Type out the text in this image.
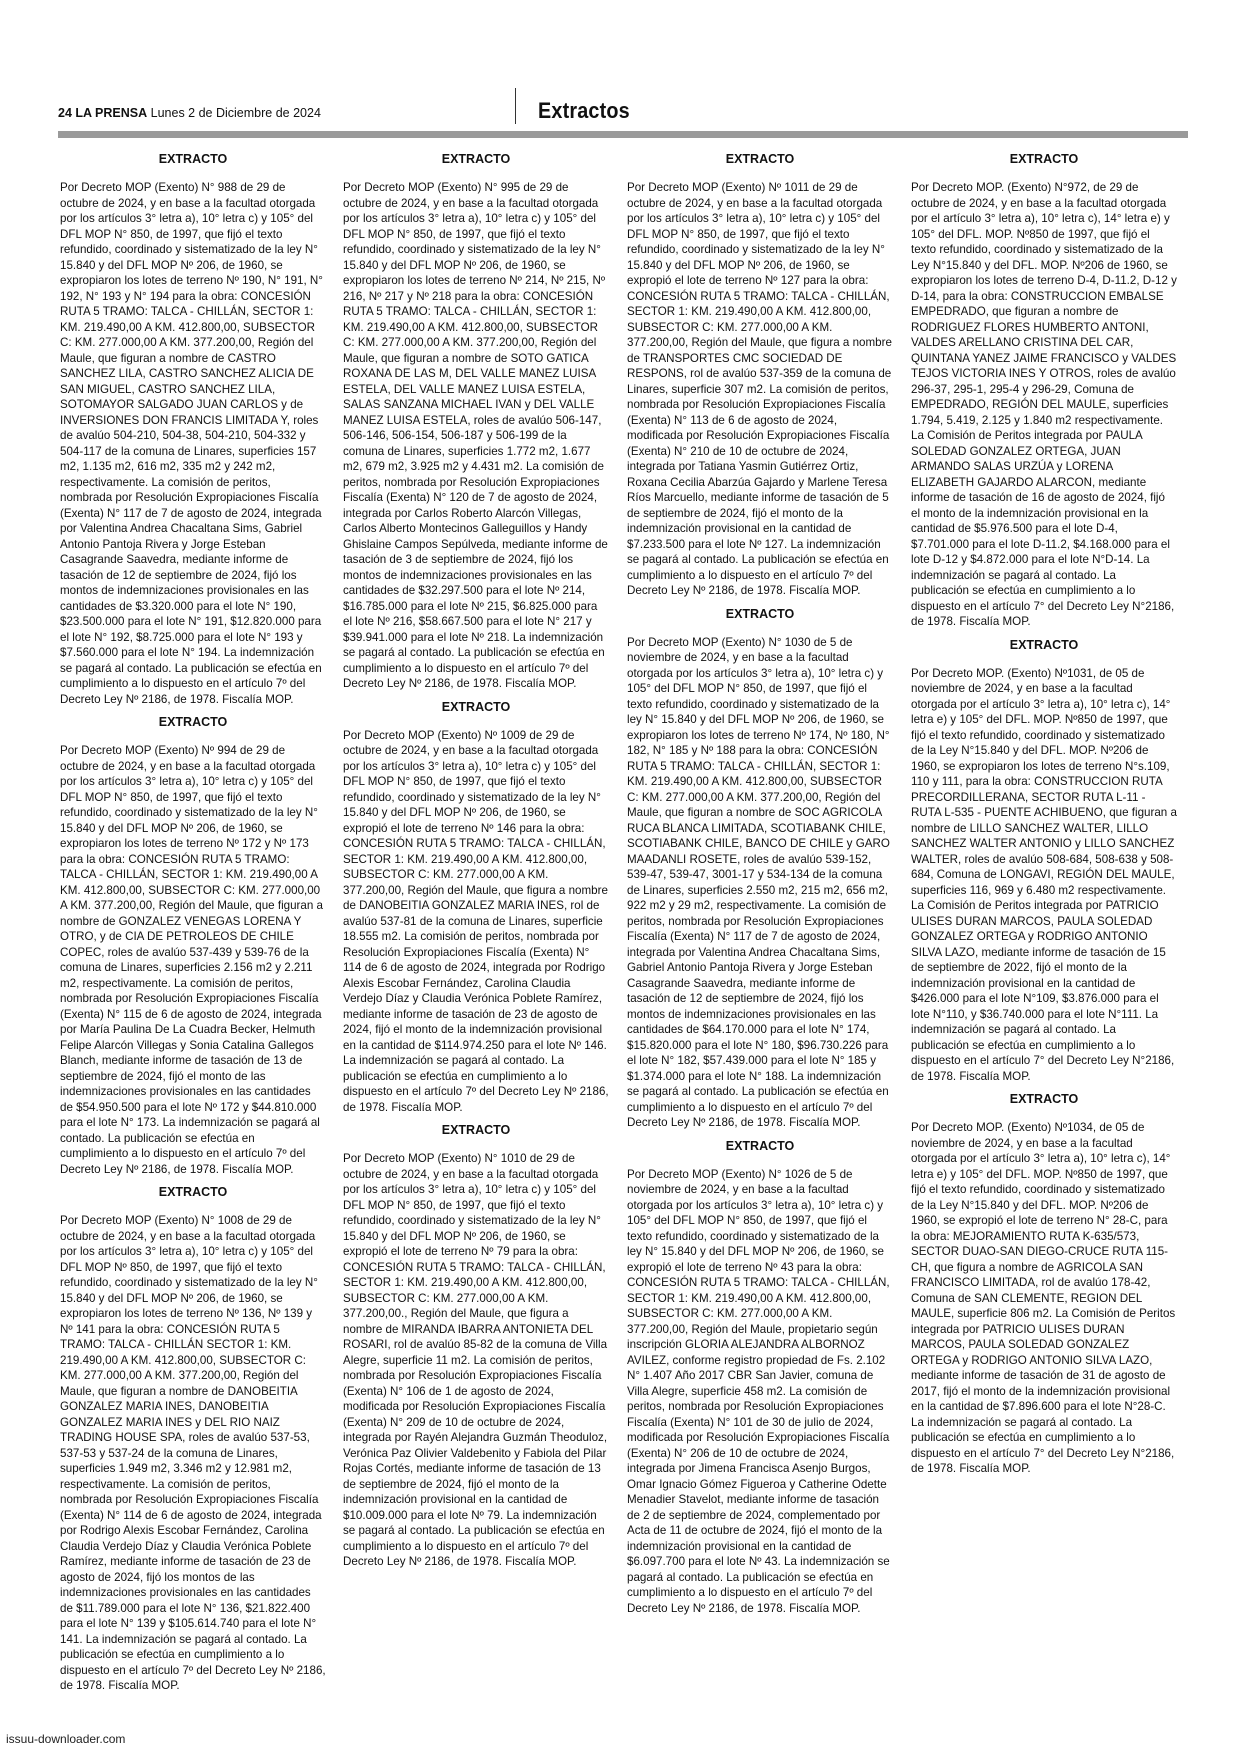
24 LA PRENSA Lunes 2 de Diciembre de 2024	Extractos

EXTRACTO

Por Decreto MOP (Exento) N° 988 de 29 de octubre de 2024, y en base a la facultad otorgada por los artículos 3° letra a), 10° letra c) y 105° del DFL MOP N° 850, de 1997, que fijó el texto refundido, coordinado y sistematizado de la ley N° 15.840 y del DFL MOP Nº 206, de 1960, se expropiaron los lotes de terreno Nº 190, N° 191, N° 192, N° 193 y N° 194 para la obra: CONCESIÓN RUTA 5 TRAMO: TALCA - CHILLÁN, SECTOR 1: KM. 219.490,00 A KM. 412.800,00, SUBSECTOR C: KM. 277.000,00 A KM. 377.200,00, Región del Maule, que figuran a nombre de CASTRO SANCHEZ LILA, CASTRO SANCHEZ ALICIA DE SAN MIGUEL, CASTRO SANCHEZ LILA, SOTOMAYOR SALGADO JUAN CARLOS y de INVERSIONES DON FRANCIS LIMITADA Y, roles de avalúo 504-210, 504-38, 504-210, 504-332 y 504-117 de la comuna de Linares, superficies 157 m2, 1.135 m2, 616 m2, 335 m2 y 242 m2, respectivamente. La comisión de peritos, nombrada por Resolución Expropiaciones Fiscalía (Exenta) N° 117 de 7 de agosto de 2024, integrada por Valentina Andrea Chacaltana Sims, Gabriel Antonio Pantoja Rivera y Jorge Esteban Casagrande Saavedra, mediante informe de tasación de 12 de septiembre de 2024, fijó los montos de indemnizaciones provisionales en las cantidades de $3.320.000 para el lote N° 190, $23.500.000 para el lote N° 191, $12.820.000 para el lote N° 192, $8.725.000 para el lote N° 193 y $7.560.000 para el lote N° 194. La indemnización se pagará al contado. La publicación se efectúa en cumplimiento a lo dispuesto en el artículo 7º del Decreto Ley Nº 2186, de 1978. Fiscalía MOP.

EXTRACTO

Por Decreto MOP (Exento) Nº 994 de 29 de octubre de 2024, y en base a la facultad otorgada por los artículos 3° letra a), 10° letra c) y 105° del DFL MOP N° 850, de 1997, que fijó el texto refundido, coordinado y sistematizado de la ley N° 15.840 y del DFL MOP Nº 206, de 1960, se expropiaron los lotes de terreno Nº 172 y Nº 173 para la obra: CONCESIÓN RUTA 5 TRAMO: TALCA - CHILLÁN, SECTOR 1: KM. 219.490,00 A KM. 412.800,00, SUBSECTOR C: KM. 277.000,00 A KM. 377.200,00, Región del Maule, que figuran a nombre de GONZALEZ VENEGAS LORENA Y OTRO, y de CIA DE PETROLEOS DE CHILE COPEC, roles de avalúo 537-439 y 539-76 de la comuna de Linares, superficies 2.156 m2 y 2.211 m2, respectivamente. La comisión de peritos, nombrada por Resolución Expropiaciones Fiscalía (Exenta) N° 115 de 6 de agosto de 2024, integrada por María Paulina De La Cuadra Becker, Helmuth Felipe Alarcón Villegas y Sonia Catalina Gallegos Blanch, mediante informe de tasación de 13 de septiembre de 2024, fijó el monto de las indemnizaciones provisionales en las cantidades de $54.950.500 para el lote Nº 172 y $44.810.000 para el lote N° 173. La indemnización se pagará al contado. La publicación se efectúa en cumplimiento a lo dispuesto en el artículo 7º del Decreto Ley Nº 2186, de 1978. Fiscalía MOP.

EXTRACTO

Por Decreto MOP (Exento) N° 1008 de 29 de octubre de 2024, y en base a la facultad otorgada por los artículos 3° letra a), 10° letra c) y 105° del DFL MOP Nº 850, de 1997, que fijó el texto refundido, coordinado y sistematizado de la ley N° 15.840 y del DFL MOP Nº 206, de 1960, se expropiaron los lotes de terreno Nº 136, Nº 139 y Nº 141 para la obra: CONCESIÓN RUTA 5 TRAMO: TALCA - CHILLÁN SECTOR 1: KM. 219.490,00 A KM. 412.800,00, SUBSECTOR C: KM. 277.000,00 A KM. 377.200,00, Región del Maule, que figuran a nombre de DANOBEITIA GONZALEZ MARIA INES, DANOBEITIA GONZALEZ MARIA INES y DEL RIO NAIZ TRADING HOUSE SPA, roles de avalúo 537-53, 537-53 y 537-24 de la comuna de Linares, superficies 1.949 m2, 3.346 m2 y 12.981 m2, respectivamente. La comisión de peritos, nombrada por Resolución Expropiaciones Fiscalía (Exenta) N° 114 de 6 de agosto de 2024, integrada por Rodrigo Alexis Escobar Fernández, Carolina Claudia Verdejo Díaz y Claudia Verónica Poblete Ramírez, mediante informe de tasación de 23 de agosto de 2024, fijó los montos de las indemnizaciones provisionales en las cantidades de $11.789.000 para el lote N° 136, $21.822.400 para el lote N° 139 y $105.614.740 para el lote N° 141. La indemnización se pagará al contado. La publicación se efectúa en cumplimiento a lo dispuesto en el artículo 7º del Decreto Ley Nº 2186, de 1978. Fiscalía MOP.

EXTRACTO

Por Decreto MOP (Exento) N° 995 de 29 de octubre de 2024, y en base a la facultad otorgada por los artículos 3° letra a), 10° letra c) y 105° del DFL MOP N° 850, de 1997, que fijó el texto refundido, coordinado y sistematizado de la ley N° 15.840 y del DFL MOP Nº 206, de 1960, se expropiaron los lotes de terreno Nº 214, Nº 215, Nº 216, Nº 217 y Nº 218 para la obra: CONCESIÓN RUTA 5 TRAMO: TALCA - CHILLÁN, SECTOR 1: KM. 219.490,00 A KM. 412.800,00, SUBSECTOR C: KM. 277.000,00 A KM. 377.200,00, Región del Maule, que figuran a nombre de SOTO GATICA ROXANA DE LAS M, DEL VALLE MANEZ LUISA ESTELA, DEL VALLE MANEZ LUISA ESTELA, SALAS SANZANA MICHAEL IVAN y DEL VALLE MANEZ LUISA ESTELA, roles de avalúo 506-147, 506-146, 506-154, 506-187 y 506-199 de la comuna de Linares, superficies 1.772 m2, 1.677 m2, 679 m2, 3.925 m2 y 4.431 m2. La comisión de peritos, nombrada por Resolución Expropiaciones Fiscalía (Exenta) N° 120 de 7 de agosto de 2024, integrada por Carlos Roberto Alarcón Villegas, Carlos Alberto Montecinos Galleguillos y Handy Ghislaine Campos Sepúlveda, mediante informe de tasación de 3 de septiembre de 2024, fijó los montos de indemnizaciones provisionales en las cantidades de $32.297.500 para el lote Nº 214, $16.785.000 para el lote Nº 215, $6.825.000 para el lote Nº 216, $58.667.500 para el lote N° 217 y $39.941.000 para el lote Nº 218. La indemnización se pagará al contado. La publicación se efectúa en cumplimiento a lo dispuesto en el artículo 7º del Decreto Ley Nº 2186, de 1978. Fiscalía MOP.

EXTRACTO

Por Decreto MOP (Exento) Nº 1009 de 29 de octubre de 2024, y en base a la facultad otorgada por los artículos 3° letra a), 10° letra c) y 105° del DFL MOP N° 850, de 1997, que fijó el texto refundido, coordinado y sistematizado de la ley N° 15.840 y del DFL MOP Nº 206, de 1960, se expropió el lote de terreno Nº 146 para la obra: CONCESIÓN RUTA 5 TRAMO: TALCA - CHILLÁN, SECTOR 1: KM. 219.490,00 A KM. 412.800,00, SUBSECTOR C: KM. 277.000,00 A KM. 377.200,00, Región del Maule, que figura a nombre de DANOBEITIA GONZALEZ MARIA INES, rol de avalúo 537-81 de la comuna de Linares, superficie 18.555 m2. La comisión de peritos, nombrada por Resolución Expropiaciones Fiscalía (Exenta) N° 114 de 6 de agosto de 2024, integrada por Rodrigo Alexis Escobar Fernández, Carolina Claudia Verdejo Díaz y Claudia Verónica Poblete Ramírez, mediante informe de tasación de 23 de agosto de 2024, fijó el monto de la indemnización provisional en la cantidad de $114.974.250 para el lote Nº 146. La indemnización se pagará al contado. La publicación se efectúa en cumplimiento a lo dispuesto en el artículo 7º del Decreto Ley Nº 2186, de 1978. Fiscalía MOP.

EXTRACTO

Por Decreto MOP (Exento) N° 1010 de 29 de octubre de 2024, y en base a la facultad otorgada por los artículos 3° letra a), 10° letra c) y 105° del DFL MOP N° 850, de 1997, que fijó el texto refundido, coordinado y sistematizado de la ley N° 15.840 y del DFL MOP Nº 206, de 1960, se expropió el lote de terreno Nº 79 para la obra: CONCESIÓN RUTA 5 TRAMO: TALCA - CHILLÁN, SECTOR 1: KM. 219.490,00 A KM. 412.800,00, SUBSECTOR C: KM. 277.000,00 A KM. 377.200,00., Región del Maule, que figura a nombre de MIRANDA IBARRA ANTONIETA DEL ROSARI, rol de avalúo 85-82 de la comuna de Villa Alegre, superficie 11 m2. La comisión de peritos, nombrada por Resolución Expropiaciones Fiscalía (Exenta) N° 106 de 1 de agosto de 2024, modificada por Resolución Expropiaciones Fiscalía (Exenta) N° 209 de 10 de octubre de 2024, integrada por Rayén Alejandra Guzmán Theoduloz, Verónica Paz Olivier Valdebenito y Fabiola del Pilar Rojas Cortés, mediante informe de tasación de 13 de septiembre de 2024, fijó el monto de la indemnización provisional en la cantidad de $10.009.000 para el lote Nº 79. La indemnización se pagará al contado. La publicación se efectúa en cumplimiento a lo dispuesto en el artículo 7º del Decreto Ley Nº 2186, de 1978. Fiscalía MOP.

EXTRACTO

Por Decreto MOP (Exento) Nº 1011 de 29 de octubre de 2024, y en base a la facultad otorgada por los artículos 3° letra a), 10° letra c) y 105° del DFL MOP N° 850, de 1997, que fijó el texto refundido, coordinado y sistematizado de la ley N° 15.840 y del DFL MOP Nº 206, de 1960, se expropió el lote de terreno Nº 127 para la obra: CONCESIÓN RUTA 5 TRAMO: TALCA - CHILLÁN, SECTOR 1: KM. 219.490,00 A KM. 412.800,00, SUBSECTOR C: KM. 277.000,00 A KM. 377.200,00, Región del Maule, que figura a nombre de TRANSPORTES CMC SOCIEDAD DE RESPONS, rol de avalúo 537-359 de la comuna de Linares, superficie 307 m2. La comisión de peritos, nombrada por Resolución Expropiaciones Fiscalía (Exenta) N° 113 de 6 de agosto de 2024, modificada por Resolución Expropiaciones Fiscalía (Exenta) N° 210 de 10 de octubre de 2024, integrada por Tatiana Yasmin Gutiérrez Ortiz, Roxana Cecilia Abarzúa Gajardo y Marlene Teresa Ríos Marcuello, mediante informe de tasación de 5 de septiembre de 2024, fijó el monto de la indemnización provisional en la cantidad de $7.233.500 para el lote Nº 127. La indemnización se pagará al contado. La publicación se efectúa en cumplimiento a lo dispuesto en el artículo 7º del Decreto Ley Nº 2186, de 1978. Fiscalía MOP.

EXTRACTO

Por Decreto MOP (Exento) N° 1030 de 5 de noviembre de 2024, y en base a la facultad otorgada por los artículos 3° letra a), 10° letra c) y 105° del DFL MOP N° 850, de 1997, que fijó el texto refundido, coordinado y sistematizado de la ley N° 15.840 y del DFL MOP Nº 206, de 1960, se expropiaron los lotes de terreno Nº 174, Nº 180, N° 182, N° 185 y Nº 188 para la obra: CONCESIÓN RUTA 5 TRAMO: TALCA - CHILLÁN, SECTOR 1: KM. 219.490,00 A KM. 412.800,00, SUBSECTOR C: KM. 277.000,00 A KM. 377.200,00, Región del Maule, que figuran a nombre de SOC AGRICOLA RUCA BLANCA LIMITADA, SCOTIABANK CHILE, SCOTIABANK CHILE, BANCO DE CHILE y GARO MAADANLI ROSETE, roles de avalúo 539-152, 539-47, 539-47, 3001-17 y 534-134 de la comuna de Linares, superficies 2.550 m2, 215 m2, 656 m2, 922 m2 y 29 m2, respectivamente. La comisión de peritos, nombrada por Resolución Expropiaciones Fiscalía (Exenta) N° 117 de 7 de agosto de 2024, integrada por Valentina Andrea Chacaltana Sims, Gabriel Antonio Pantoja Rivera y Jorge Esteban Casagrande Saavedra, mediante informe de tasación de 12 de septiembre de 2024, fijó los montos de indemnizaciones provisionales en las cantidades de $64.170.000 para el lote N° 174, $15.820.000 para el lote N° 180, $96.730.226 para el lote N° 182, $57.439.000 para el lote N° 185 y $1.374.000 para el lote N° 188. La indemnización se pagará al contado. La publicación se efectúa en cumplimiento a lo dispuesto en el artículo 7º del Decreto Ley Nº 2186, de 1978. Fiscalía MOP.

EXTRACTO

Por Decreto MOP (Exento) N° 1026 de 5 de noviembre de 2024, y en base a la facultad otorgada por los artículos 3° letra a), 10° letra c) y 105° del DFL MOP N° 850, de 1997, que fijó el texto refundido, coordinado y sistematizado de la ley N° 15.840 y del DFL MOP Nº 206, de 1960, se expropió el lote de terreno Nº 43 para la obra: CONCESIÓN RUTA 5 TRAMO: TALCA - CHILLÁN, SECTOR 1: KM. 219.490,00 A KM. 412.800,00, SUBSECTOR C: KM. 277.000,00 A KM. 377.200,00, Región del Maule, propietario según inscripción GLORIA ALEJANDRA ALBORNOZ AVILEZ, conforme registro propiedad de Fs. 2.102 N° 1.407 Año 2017 CBR San Javier, comuna de Villa Alegre, superficie 458 m2. La comisión de peritos, nombrada por Resolución Expropiaciones Fiscalía (Exenta) N° 101 de 30 de julio de 2024, modificada por Resolución Expropiaciones Fiscalía (Exenta) N° 206 de 10 de octubre de 2024, integrada por Jimena Francisca Asenjo Burgos, Omar Ignacio Gómez Figueroa y Catherine Odette Menadier Stavelot, mediante informe de tasación de 2 de septiembre de 2024, complementado por Acta de 11 de octubre de 2024, fijó el monto de la indemnización provisional en la cantidad de $6.097.700 para el lote Nº 43. La indemnización se pagará al contado. La publicación se efectúa en cumplimiento a lo dispuesto en el artículo 7º del Decreto Ley Nº 2186, de 1978. Fiscalía MOP.

EXTRACTO

Por Decreto MOP. (Exento) N°972, de 29 de octubre de 2024, y en base a la facultad otorgada por el artículo 3° letra a), 10° letra c), 14° letra e) y 105° del DFL. MOP. Nº850 de 1997, que fijó el texto refundido, coordinado y sistematizado de la Ley N°15.840 y del DFL. MOP. Nº206 de 1960, se expropiaron los lotes de terreno D-4, D-11.2, D-12 y D-14, para la obra: CONSTRUCCION EMBALSE EMPEDRADO, que figuran a nombre de RODRIGUEZ FLORES HUMBERTO ANTONI, VALDES ARELLANO CRISTINA DEL CAR, QUINTANA YANEZ JAIME FRANCISCO y VALDES TEJOS VICTORIA INES Y OTROS, roles de avalúo 296-37, 295-1, 295-4 y 296-29, Comuna de EMPEDRADO, REGIÓN DEL MAULE, superficies 1.794, 5.419, 2.125 y 1.840 m2 respectivamente. La Comisión de Peritos integrada por PAULA SOLEDAD GONZALEZ ORTEGA, JUAN ARMANDO SALAS URZÚA y LORENA ELIZABETH GAJARDO ALARCON, mediante informe de tasación de 16 de agosto de 2024, fijó el monto de la indemnización provisional en la cantidad de $5.976.500 para el lote D-4, $7.701.000 para el lote D-11.2, $4.168.000 para el lote D-12 y $4.872.000 para el lote N°D-14. La indemnización se pagará al contado. La publicación se efectúa en cumplimiento a lo dispuesto en el artículo 7° del Decreto Ley N°2186, de 1978. Fiscalía MOP.

EXTRACTO

Por Decreto MOP. (Exento) Nº1031, de 05 de noviembre de 2024, y en base a la facultad otorgada por el artículo 3° letra a), 10° letra c), 14° letra e) y 105° del DFL. MOP. Nº850 de 1997, que fijó el texto refundido, coordinado y sistematizado de la Ley N°15.840 y del DFL. MOP. Nº206 de 1960, se expropiaron los lotes de terreno N°s.109, 110 y 111, para la obra: CONSTRUCCION RUTA PRECORDILLERANA, SECTOR RUTA L-11 - RUTA L-535 - PUENTE ACHIBUENO, que figuran a nombre de LILLO SANCHEZ WALTER, LILLO SANCHEZ WALTER ANTONIO y LILLO SANCHEZ WALTER, roles de avalúo 508-684, 508-638 y 508-684, Comuna de LONGAVI, REGIÓN DEL MAULE, superficies 116, 969 y 6.480 m2 respectivamente. La Comisión de Peritos integrada por PATRICIO ULISES DURAN MARCOS, PAULA SOLEDAD GONZALEZ ORTEGA y RODRIGO ANTONIO SILVA LAZO, mediante informe de tasación de 15 de septiembre de 2022, fijó el monto de la indemnización provisional en la cantidad de $426.000 para el lote N°109, $3.876.000 para el lote N°110, y $36.740.000 para el lote N°111. La indemnización se pagará al contado. La publicación se efectúa en cumplimiento a lo dispuesto en el artículo 7° del Decreto Ley N°2186, de 1978. Fiscalía MOP.

EXTRACTO

Por Decreto MOP. (Exento) Nº1034, de 05 de noviembre de 2024, y en base a la facultad otorgada por el artículo 3° letra a), 10° letra c), 14° letra e) y 105° del DFL. MOP. Nº850 de 1997, que fijó el texto refundido, coordinado y sistematizado de la Ley N°15.840 y del DFL. MOP. Nº206 de 1960, se expropió el lote de terreno N° 28-C, para la obra: MEJORAMIENTO RUTA K-635/573, SECTOR DUAO-SAN DIEGO-CRUCE RUTA 115-CH, que figura a nombre de AGRICOLA SAN FRANCISCO LIMITADA, rol de avalúo 178-42, Comuna de SAN CLEMENTE, REGION DEL MAULE, superficie 806 m2. La Comisión de Peritos integrada por PATRICIO ULISES DURAN MARCOS, PAULA SOLEDAD GONZALEZ ORTEGA y RODRIGO ANTONIO SILVA LAZO, mediante informe de tasación de 31 de agosto de 2017, fijó el monto de la indemnización provisional en la cantidad de $7.896.600 para el lote N°28-C. La indemnización se pagará al contado. La publicación se efectúa en cumplimiento a lo dispuesto en el artículo 7° del Decreto Ley N°2186, de 1978. Fiscalía MOP.

issuu-downloader.com
